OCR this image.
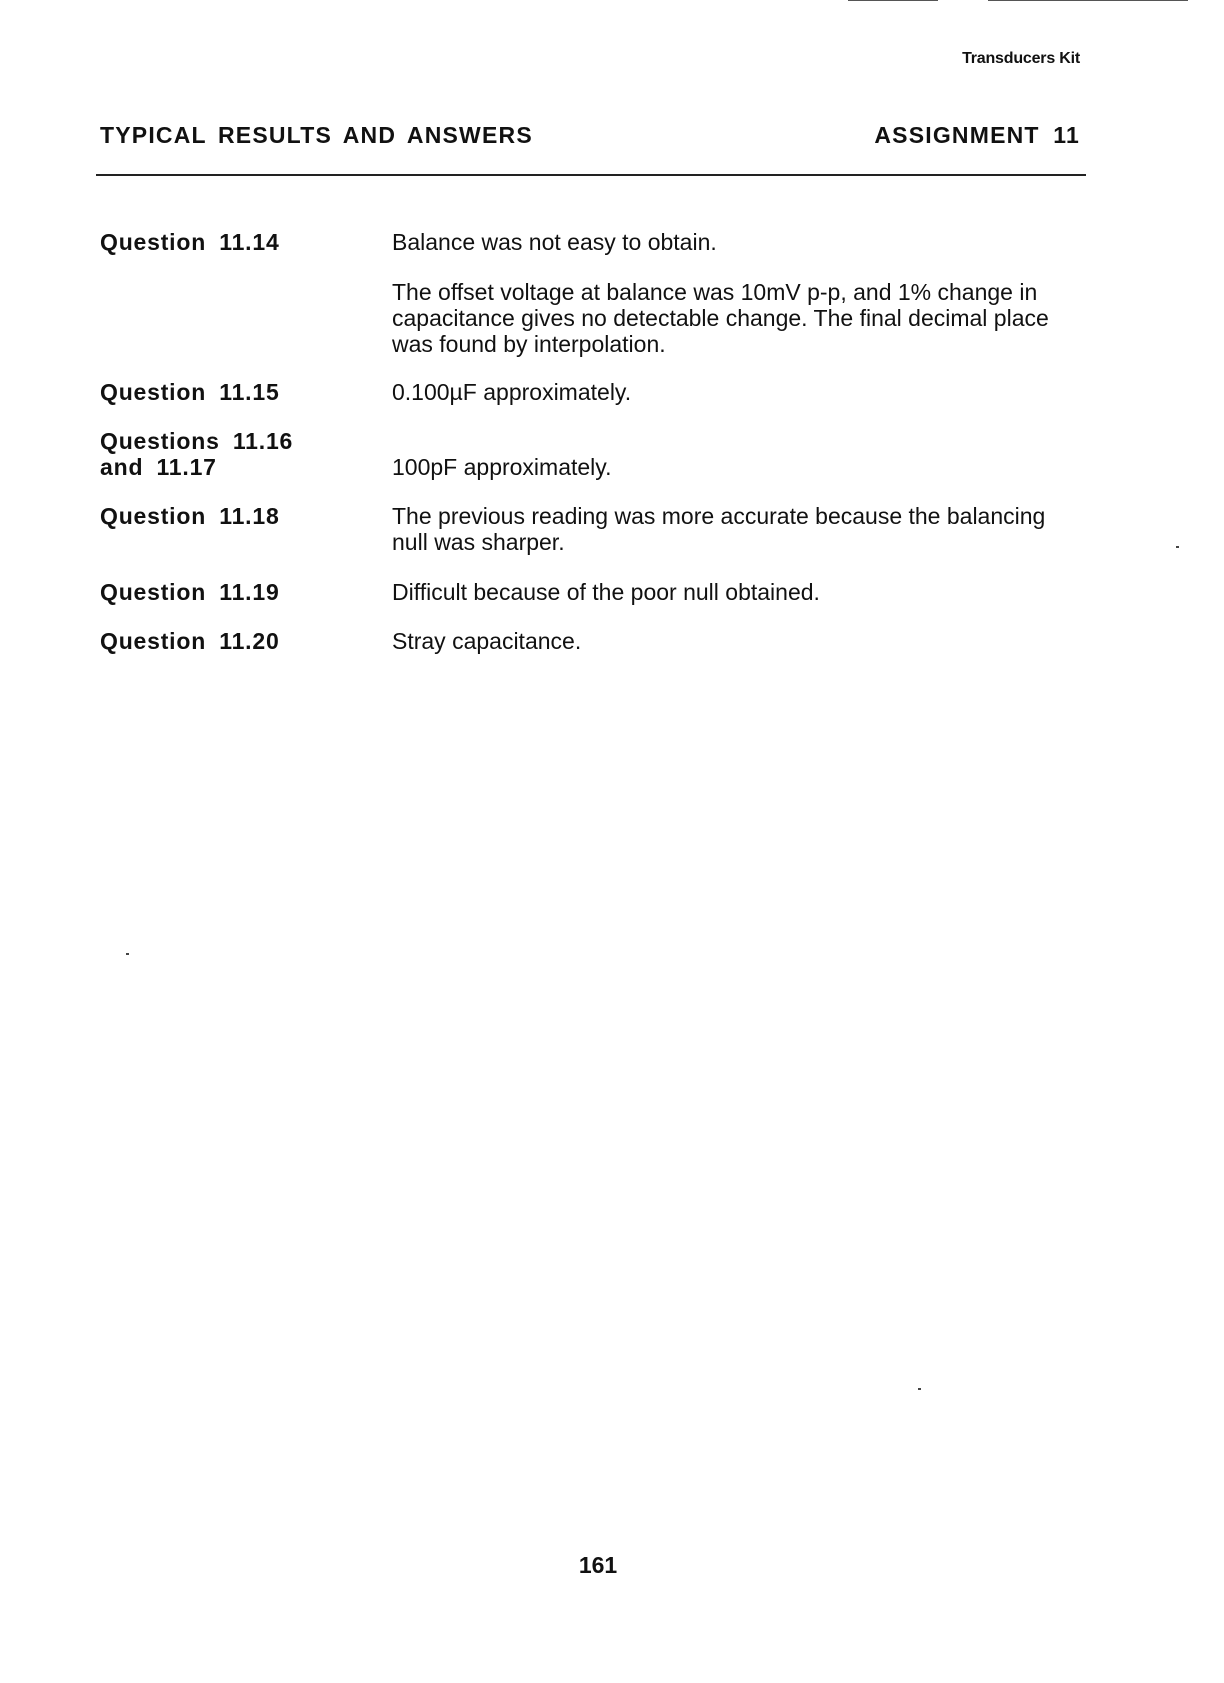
Transducers Kit
TYPICAL RESULTS AND ANSWERS	ASSIGNMENT 11
Question 11.14	Balance was not easy to obtain.

The offset voltage at balance was 10mV p-p, and 1% change in capacitance gives no detectable change. The final decimal place was found by interpolation.

Question 11.15	0.100µF approximately.

Questions 11.16
and 11.17	100pF approximately.

Question 11.18	The previous reading was more accurate because the balancing null was sharper.

Question 11.19	Difficult because of the poor null obtained.

Question 11.20	Stray capacitance.

161
